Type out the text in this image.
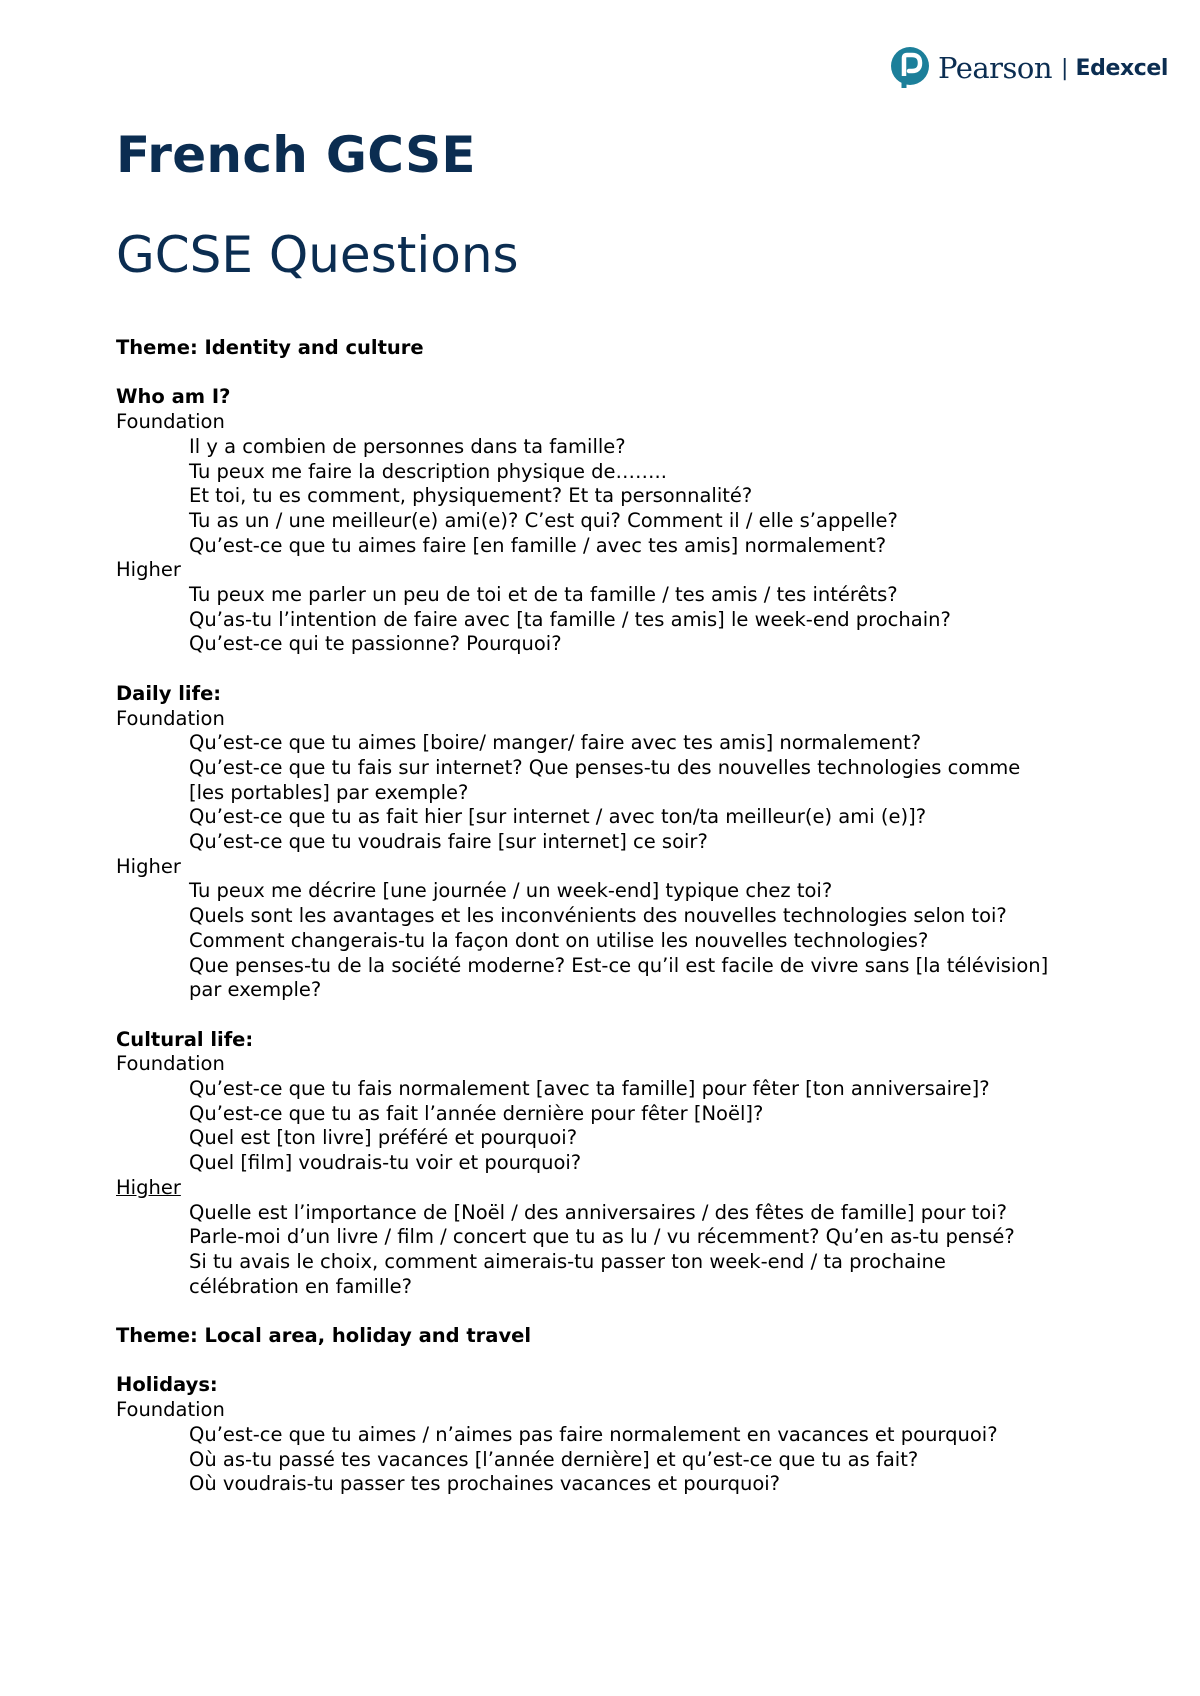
Pearson | Edexcel
French GCSE
GCSE Questions

Theme: Identity and culture

Who am I?

Foundation

Il y a combien de personnes dans ta famille?

Tu peux me faire la description physique de……..

Et toi, tu es comment, physiquement? Et ta personnalité?

Tu as un / une meilleur(e) ami(e)? C’est qui? Comment il / elle s’appelle?

Qu’est-ce que tu aimes faire [en famille / avec tes amis] normalement?

Higher

Tu peux me parler un peu de toi et de ta famille / tes amis / tes intérêts?

Qu’as-tu l’intention de faire avec [ta famille / tes amis] le week-end prochain?

Qu’est-ce qui te passionne? Pourquoi?

Daily life:

Foundation

Qu’est-ce que tu aimes [boire/ manger/ faire avec tes amis] normalement?

Qu’est-ce que tu fais sur internet? Que penses-tu des nouvelles technologies comme

[les portables] par exemple?

Qu’est-ce que tu as fait hier [sur internet / avec ton/ta meilleur(e) ami (e)]?

Qu’est-ce que tu voudrais faire [sur internet] ce soir?

Higher

Tu peux me décrire [une journée / un week-end] typique chez toi?

Quels sont les avantages et les inconvénients des nouvelles technologies selon toi?

Comment changerais-tu la façon dont on utilise les nouvelles technologies?

Que penses-tu de la société moderne? Est-ce qu’il est facile de vivre sans [la télévision]

par exemple?

Cultural life:

Foundation

Qu’est-ce que tu fais normalement [avec ta famille] pour fêter [ton anniversaire]?

Qu’est-ce que tu as fait l’année dernière pour fêter [Noël]?

Quel est [ton livre] préféré et pourquoi?

Quel [film] voudrais-tu voir et pourquoi?

Higher

Quelle est l’importance de [Noël / des anniversaires / des fêtes de famille] pour toi?

Parle-moi d’un livre / film / concert que tu as lu / vu récemment? Qu’en as-tu pensé?

Si tu avais le choix, comment aimerais-tu passer ton week-end / ta prochaine

célébration en famille?

Theme: Local area, holiday and travel

Holidays:

Foundation

Qu’est-ce que tu aimes / n’aimes pas faire normalement en vacances et pourquoi?

Où as-tu passé tes vacances [l’année dernière] et qu’est-ce que tu as fait?

Où voudrais-tu passer tes prochaines vacances et pourquoi?
